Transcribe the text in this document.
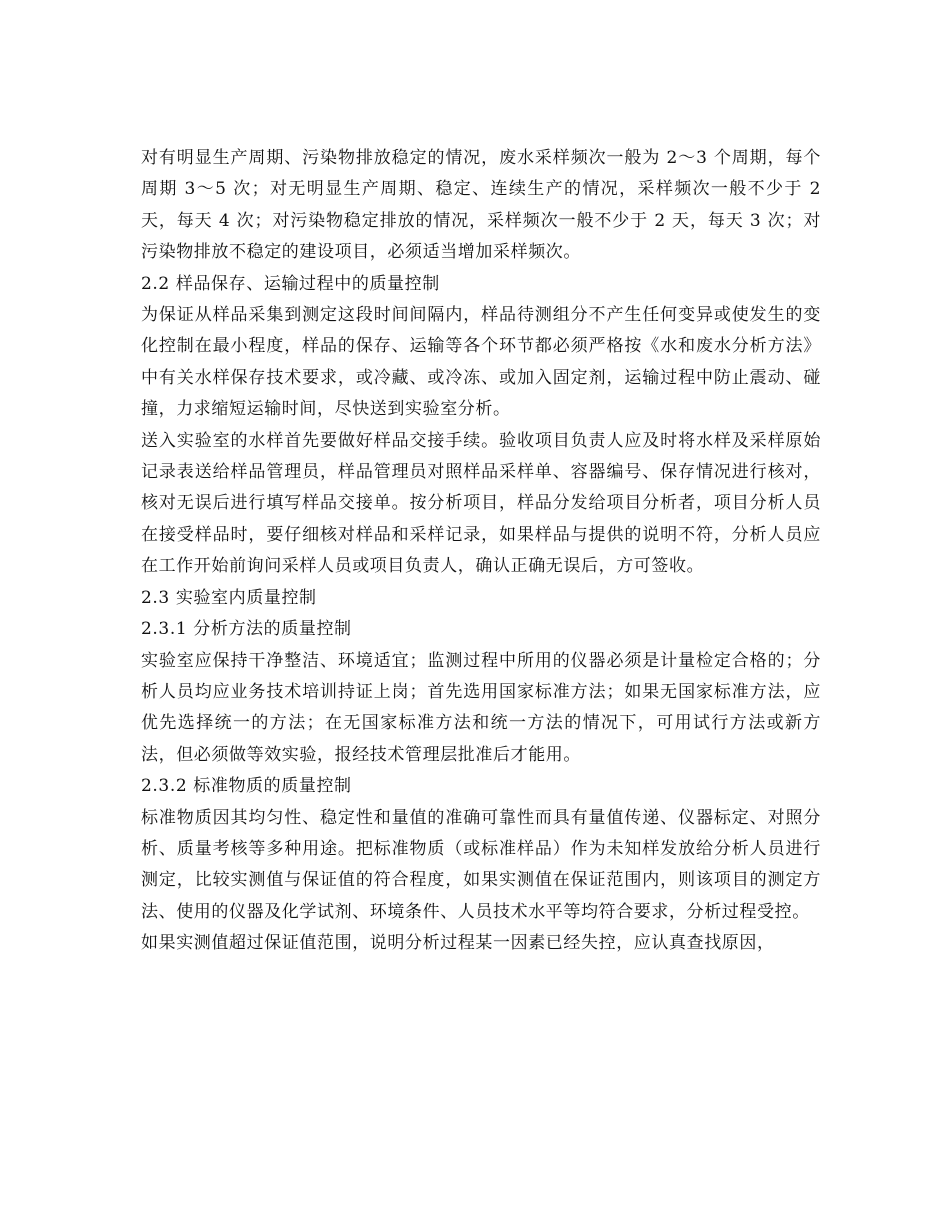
对有明显生产周期、污染物排放稳定的情况，废水采样频次一般为 2～3 个周期，每个周期 3～5 次；对无明显生产周期、稳定、连续生产的情况，采样频次一般不少于 2 天，每天 4 次；对污染物稳定排放的情况，采样频次一般不少于 2 天，每天 3 次；对污染物排放不稳定的建设项目，必须适当增加采样频次。

2.2 样品保存、运输过程中的质量控制

为保证从样品采集到测定这段时间间隔内，样品待测组分不产生任何变异或使发生的变化控制在最小程度，样品的保存、运输等各个环节都必须严格按《水和废水分析方法》中有关水样保存技术要求，或冷藏、或冷冻、或加入固定剂，运输过程中防止震动、碰撞，力求缩短运输时间，尽快送到实验室分析。

送入实验室的水样首先要做好样品交接手续。验收项目负责人应及时将水样及采样原始记录表送给样品管理员，样品管理员对照样品采样单、容器编号、保存情况进行核对，核对无误后进行填写样品交接单。按分析项目，样品分发给项目分析者，项目分析人员在接受样品时，要仔细核对样品和采样记录，如果样品与提供的说明不符，分析人员应在工作开始前询问采样人员或项目负责人，确认正确无误后，方可签收。

2.3 实验室内质量控制
2.3.1 分析方法的质量控制

实验室应保持干净整洁、环境适宜；监测过程中所用的仪器必须是计量检定合格的；分析人员均应业务技术培训持证上岗；首先选用国家标准方法；如果无国家标准方法，应优先选择统一的方法；在无国家标准方法和统一方法的情况下，可用试行方法或新方法，但必须做等效实验，报经技术管理层批准后才能用。

2.3.2 标准物质的质量控制

标准物质因其均匀性、稳定性和量值的准确可靠性而具有量值传递、仪器标定、对照分析、质量考核等多种用途。把标准物质（或标准样品）作为未知样发放给分析人员进行测定，比较实测值与保证值的符合程度，如果实测值在保证范围内，则该项目的测定方法、使用的仪器及化学试剂、环境条件、人员技术水平等均符合要求，分析过程受控。

如果实测值超过保证值范围，说明分析过程某一因素已经失控，应认真查找原因，
